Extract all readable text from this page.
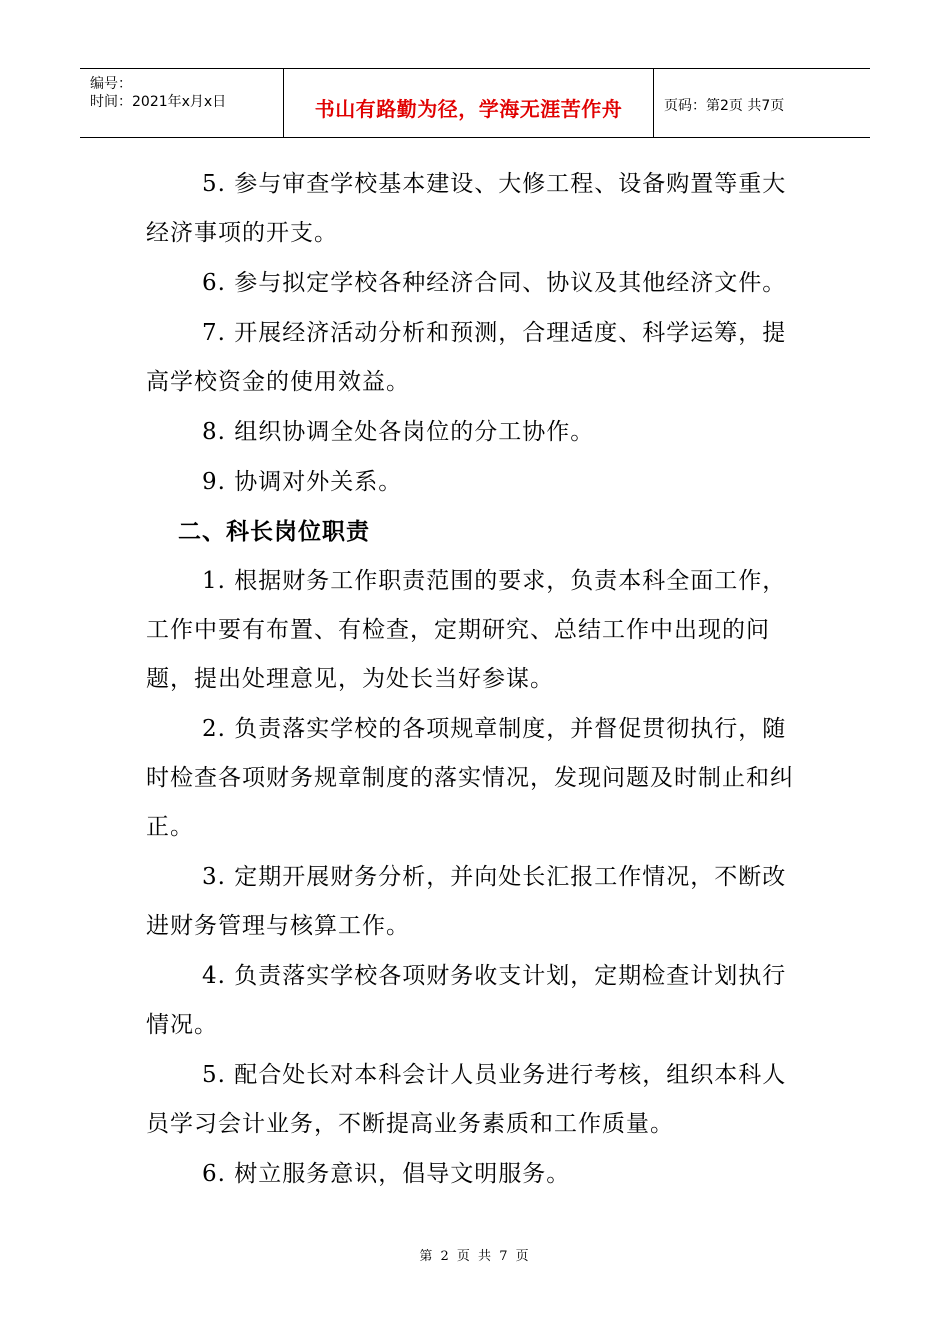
编号：
时间：2021年x月x日	书山有路勤为径，学海无涯苦作舟	页码：第2页 共7页

5. 参与审查学校基本建设、大修工程、设备购置等重大经济事项的开支。

6. 参与拟定学校各种经济合同、协议及其他经济文件。

7. 开展经济活动分析和预测，合理适度、科学运筹，提高学校资金的使用效益。

8. 组织协调全处各岗位的分工协作。

9. 协调对外关系。

二、科长岗位职责

1. 根据财务工作职责范围的要求，负责本科全面工作，工作中要有布置、有检查，定期研究、总结工作中出现的问题，提出处理意见，为处长当好参谋。

2. 负责落实学校的各项规章制度，并督促贯彻执行，随时检查各项财务规章制度的落实情况，发现问题及时制止和纠正。

3. 定期开展财务分析，并向处长汇报工作情况，不断改进财务管理与核算工作。

4. 负责落实学校各项财务收支计划，定期检查计划执行情况。

5. 配合处长对本科会计人员业务进行考核，组织本科人员学习会计业务，不断提高业务素质和工作质量。

6. 树立服务意识，倡导文明服务。

第 2 页 共 7 页
